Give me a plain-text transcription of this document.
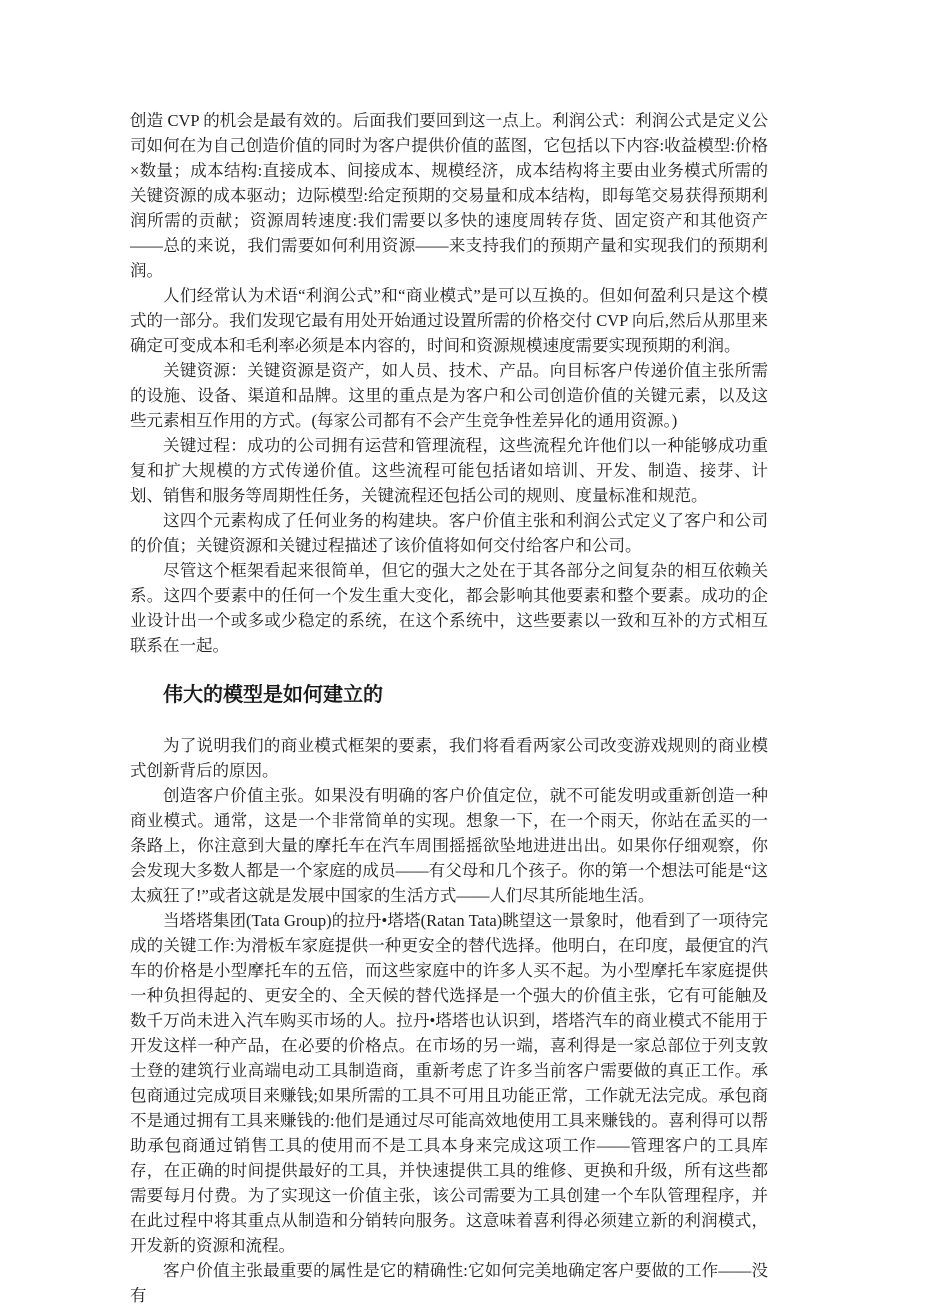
创造 CVP 的机会是最有效的。后面我们要回到这一点上。利润公式：利润公式是定义公司如何在为自己创造价值的同时为客户提供价值的蓝图，它包括以下内容:收益模型:价格×数量；成本结构:直接成本、间接成本、规模经济，成本结构将主要由业务模式所需的关键资源的成本驱动；边际模型:给定预期的交易量和成本结构，即每笔交易获得预期利润所需的贡献；资源周转速度:我们需要以多快的速度周转存货、固定资产和其他资产——总的来说，我们需要如何利用资源——来支持我们的预期产量和实现我们的预期利润。

人们经常认为术语“利润公式”和“商业模式”是可以互换的。但如何盈利只是这个模式的一部分。我们发现它最有用处开始通过设置所需的价格交付 CVP 向后,然后从那里来确定可变成本和毛利率必须是本内容的，时间和资源规模速度需要实现预期的利润。

关键资源：关键资源是资产，如人员、技术、产品。向目标客户传递价值主张所需的设施、设备、渠道和品牌。这里的重点是为客户和公司创造价值的关键元素，以及这些元素相互作用的方式。(每家公司都有不会产生竞争性差异化的通用资源。)

关键过程：成功的公司拥有运营和管理流程，这些流程允许他们以一种能够成功重复和扩大规模的方式传递价值。这些流程可能包括诸如培训、开发、制造、接芽、计划、销售和服务等周期性任务，关键流程还包括公司的规则、度量标准和规范。

这四个元素构成了任何业务的构建块。客户价值主张和利润公式定义了客户和公司的价值；关键资源和关键过程描述了该价值将如何交付给客户和公司。

尽管这个框架看起来很简单，但它的强大之处在于其各部分之间复杂的相互依赖关系。这四个要素中的任何一个发生重大变化，都会影响其他要素和整个要素。成功的企业设计出一个或多或少稳定的系统，在这个系统中，这些要素以一致和互补的方式相互联系在一起。

伟大的模型是如何建立的

为了说明我们的商业模式框架的要素，我们将看看两家公司改变游戏规则的商业模式创新背后的原因。

创造客户价值主张。如果没有明确的客户价值定位，就不可能发明或重新创造一种商业模式。通常，这是一个非常简单的实现。想象一下，在一个雨天，你站在孟买的一条路上，你注意到大量的摩托车在汽车周围摇摇欲坠地进进出出。如果你仔细观察，你会发现大多数人都是一个家庭的成员——有父母和几个孩子。你的第一个想法可能是“这太疯狂了!”或者这就是发展中国家的生活方式——人们尽其所能地生活。

当塔塔集团(Tata Group)的拉丹•塔塔(Ratan Tata)眺望这一景象时，他看到了一项待完成的关键工作:为滑板车家庭提供一种更安全的替代选择。他明白，在印度，最便宜的汽车的价格是小型摩托车的五倍，而这些家庭中的许多人买不起。为小型摩托车家庭提供一种负担得起的、更安全的、全天候的替代选择是一个强大的价值主张，它有可能触及数千万尚未进入汽车购买市场的人。拉丹•塔塔也认识到，塔塔汽车的商业模式不能用于开发这样一种产品，在必要的价格点。在市场的另一端，喜利得是一家总部位于列支敦士登的建筑行业高端电动工具制造商，重新考虑了许多当前客户需要做的真正工作。承包商通过完成项目来赚钱;如果所需的工具不可用且功能正常，工作就无法完成。承包商不是通过拥有工具来赚钱的:他们是通过尽可能高效地使用工具来赚钱的。喜利得可以帮助承包商通过销售工具的使用而不是工具本身来完成这项工作——管理客户的工具库存，在正确的时间提供最好的工具，并快速提供工具的维修、更换和升级，所有这些都需要每月付费。为了实现这一价值主张，该公司需要为工具创建一个车队管理程序，并在此过程中将其重点从制造和分销转向服务。这意味着喜利得必须建立新的利润模式，开发新的资源和流程。

客户价值主张最重要的属性是它的精确性:它如何完美地确定客户要做的工作——没有
